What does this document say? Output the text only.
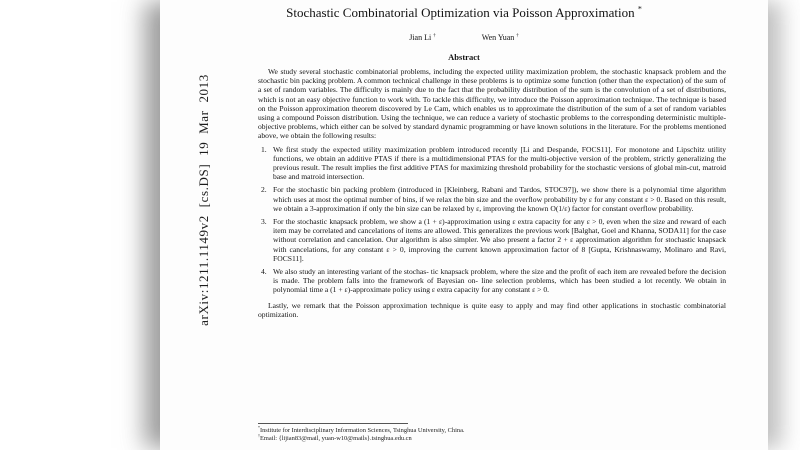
arXiv:1211.1149v2 [cs.DS] 19 Mar 2013
Stochastic Combinatorial Optimization via Poisson Approximation *
Jian Li †	Wen Yuan †
Abstract

We study several stochastic combinatorial problems, including the expected utility maximization problem, the stochastic knapsack problem and the stochastic bin packing problem. A common technical challenge in these problems is to optimize some function (other than the expectation) of the sum of a set of random variables. The difficulty is mainly due to the fact that the probability distribution of the sum is the convolution of a set of distributions, which is not an easy objective function to work with. To tackle this difficulty, we introduce the Poisson approximation technique. The technique is based on the Poisson approximation theorem discovered by Le Cam, which enables us to approximate the distribution of the sum of a set of random variables using a compound Poisson distribution. Using the technique, we can reduce a variety of stochastic problems to the corresponding deterministic multiple-objective problems, which either can be solved by standard dynamic programming or have known solutions in the literature. For the problems mentioned above, we obtain the following results:

1. We first study the expected utility maximization problem introduced recently [Li and Despande, FOCS11]. For monotone and Lipschitz utility functions, we obtain an additive PTAS if there is a multidimensional PTAS for the multi-objective version of the problem, strictly generalizing the previous result. The result implies the first additive PTAS for maximizing threshold probability for the stochastic versions of global min-cut, matroid base and matroid intersection.
2. For the stochastic bin packing problem (introduced in [Kleinberg, Rabani and Tardos, STOC97]), we show there is a polynomial time algorithm which uses at most the optimal number of bins, if we relax the bin size and the overflow probability by ε for any constant ε > 0. Based on this result, we obtain a 3-approximation if only the bin size can be relaxed by ε, improving the known O(1/ε) factor for constant overflow probability.
3. For the stochastic knapsack problem, we show a (1 + ε)-approximation using ε extra capacity for any ε > 0, even when the size and reward of each item may be correlated and cancelations of items are allowed. This generalizes the previous work [Balghat, Goel and Khanna, SODA11] for the case without correlation and cancelation. Our algorithm is also simpler. We also present a factor 2 + ε approximation algorithm for stochastic knapsack with cancelations, for any constant ε > 0, improving the current known approximation factor of 8 [Gupta, Krishnaswamy, Molinaro and Ravi, FOCS11].
4. We also study an interesting variant of the stochas- tic knapsack problem, where the size and the profit of each item are revealed before the decision is made. The problem falls into the framework of Bayesian on- line selection problems, which has been studied a lot recently. We obtain in polynomial time a (1 + ε)-approximate policy using ε extra capacity for any constant ε > 0.

Lastly, we remark that the Poisson approximation technique is quite easy to apply and may find other applications in stochastic combinatorial optimization.

*Institute for Interdisciplinary Information Sciences, Tsinghua University, China.

†Email: {lijian83@mail, yuan-w10@mails}.tsinghua.edu.cn
